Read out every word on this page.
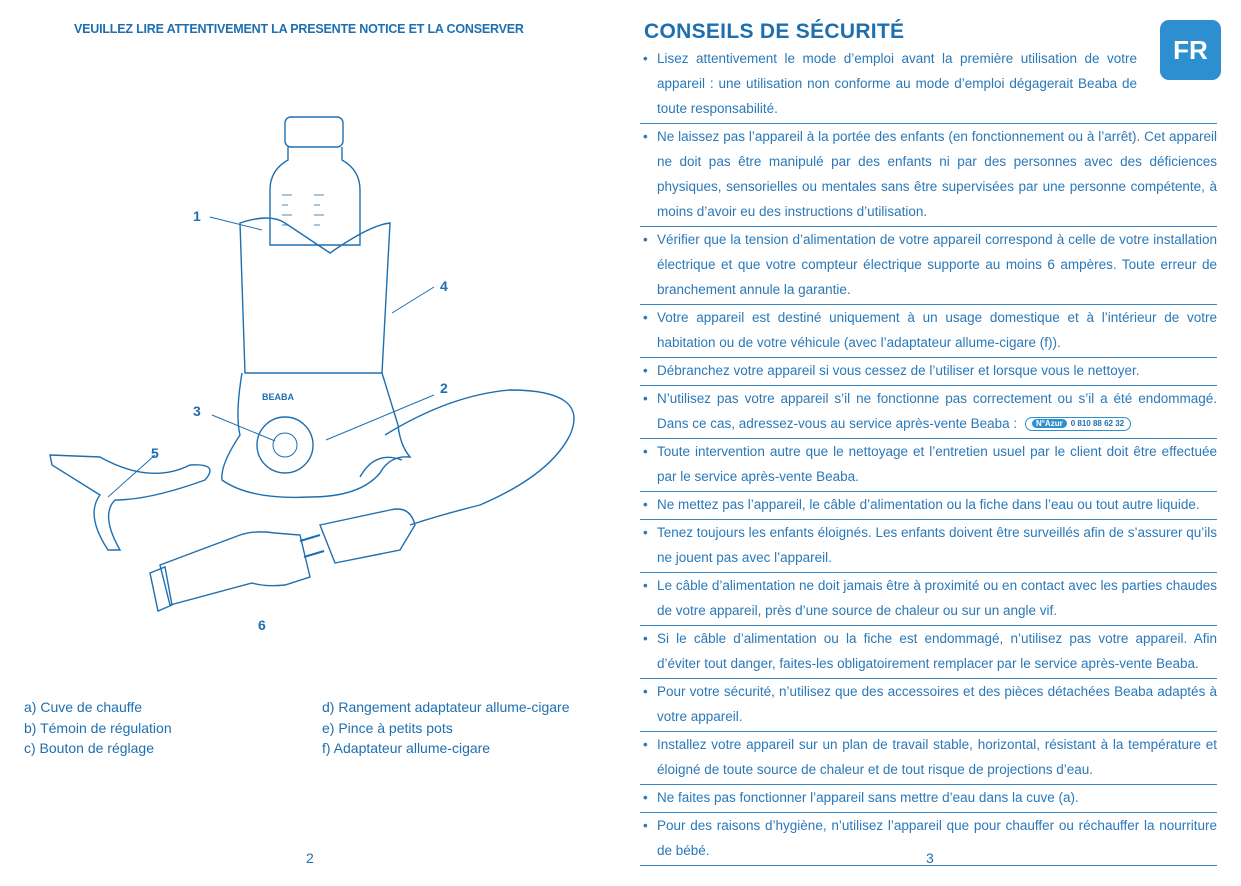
VEUILLEZ LIRE ATTENTIVEMENT LA PRESENTE NOTICE ET LA CONSERVER
BEABA
1
2
3
4
5
6
a) Cuve de chauffe
b) Témoin de régulation
c) Bouton de réglage
d) Rangement adaptateur allume-cigare
e) Pince à petits pots
f) Adaptateur allume-cigare
2
CONSEILS DE SÉCURITÉ
FR
• Lisez attentivement le mode d’emploi avant la première utilisation de votre appareil : une utilisation non conforme au mode d’emploi dégagerait Beaba de toute responsabilité.
• Ne laissez pas l’appareil à la portée des enfants (en fonctionnement ou à l’arrêt). Cet appareil ne doit pas être manipulé par des enfants ni par des personnes avec des déficiences physiques, sensorielles ou mentales sans être supervisées par une personne compétente, à moins d’avoir eu des instructions d’utilisation.
• Vérifier que la tension d’alimentation de votre appareil correspond à celle de votre installation électrique et que votre compteur électrique supporte au moins 6 ampères. Toute erreur de branchement annule la garantie.
• Votre appareil est destiné uniquement à un usage domestique et à l’intérieur de votre habitation ou de votre véhicule (avec l’adaptateur allume-cigare (f)).
• Débranchez votre appareil si vous cessez de l’utiliser et lorsque vous le nettoyer.
• N’utilisez pas votre appareil s’il ne fonctionne pas correctement ou s’il a été endommagé. Dans ce cas, adressez-vous au service après-vente Beaba : N°Azur 0 810 88 62 32
• Toute intervention autre que le nettoyage et l’entretien usuel par le client doit être effectuée par le service après-vente Beaba.
• Ne mettez pas l’appareil, le câble d’alimentation ou la fiche dans l’eau ou tout autre liquide.
• Tenez toujours les enfants éloignés. Les enfants doivent être surveillés afin de s’assurer qu’ils ne jouent pas avec l’appareil.
• Le câble d’alimentation ne doit jamais être à proximité ou en contact avec les parties chaudes de votre appareil, près d’une source de chaleur ou sur un angle vif.
• Si le câble d’alimentation ou la fiche est endommagé, n’utilisez pas votre appareil. Afin d’éviter tout danger, faites-les obligatoirement remplacer par le service après-vente Beaba.
• Pour votre sécurité, n’utilisez que des accessoires et des pièces détachées Beaba adaptés à votre appareil.
• Installez votre appareil sur un plan de travail stable, horizontal, résistant à la température et éloigné de toute source de chaleur et de tout risque de projections d’eau.
• Ne faites pas fonctionner l’appareil sans mettre d’eau dans la cuve (a).
• Pour des raisons d’hygiène, n’utilisez l’appareil que pour chauffer ou réchauffer la nourriture de bébé.	3
